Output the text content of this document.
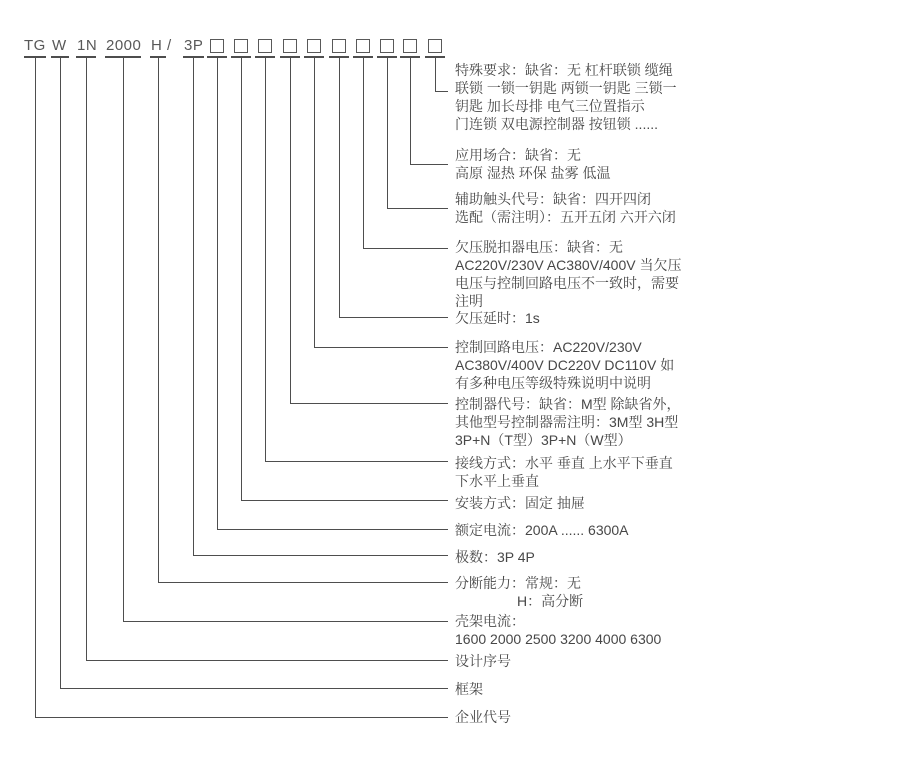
TG W 1N 2000 H / 3P
特殊要求：缺省：无 杠杆联锁 缆绳
联锁 一锁一钥匙 两锁一钥匙 三锁一
钥匙 加长母排 电气三位置指示
门连锁 双电源控制器 按钮锁 ......
应用场合：缺省：无
高原 湿热 环保 盐雾 低温
辅助触头代号：缺省：四开四闭
选配（需注明）：五开五闭 六开六闭
欠压脱扣器电压：缺省：无
AC220V/230V AC380V/400V 当欠压
电压与控制回路电压不一致时，需要
注明
欠压延时：1s
控制回路电压：AC220V/230V
AC380V/400V DC220V DC110V 如
有多种电压等级特殊说明中说明
控制器代号：缺省：M型 除缺省外，
其他型号控制器需注明：3M型 3H型
3P+N（T型）3P+N（W型）
接线方式：水平 垂直 上水平下垂直
下水平上垂直
安装方式：固定 抽屉
额定电流：200A ...... 6300A
极数：3P 4P
分断能力：常规：无
H：高分断
壳架电流：
1600 2000 2500 3200 4000 6300
设计序号
框架
企业代号
